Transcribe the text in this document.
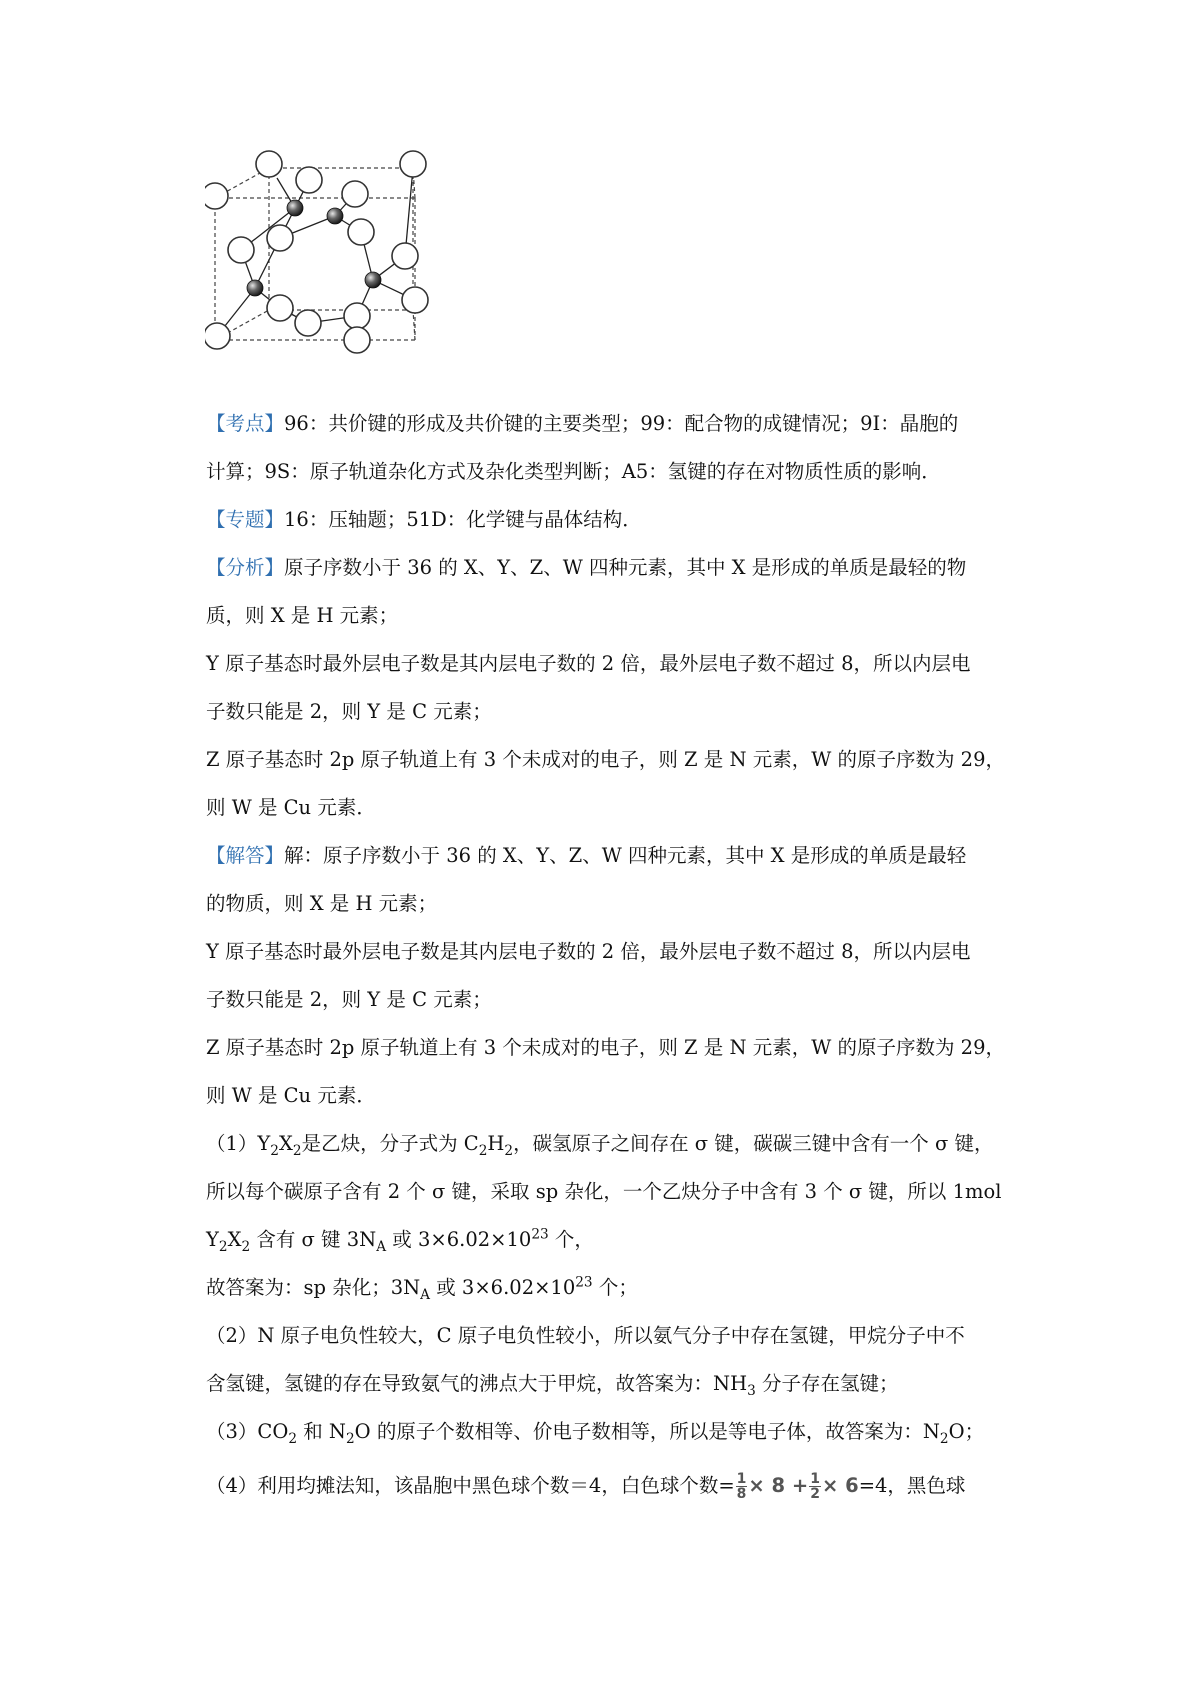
【考点】96：共价键的形成及共价键的主要类型；99：配合物的成键情况；9I：晶胞的

计算；9S：原子轨道杂化方式及杂化类型判断；A5：氢键的存在对物质性质的影响．

【专题】16：压轴题；51D：化学键与晶体结构．

【分析】原子序数小于 36 的 X、Y、Z、W 四种元素，其中 X 是形成的单质是最轻的物

质，则 X 是 H 元素；

Y 原子基态时最外层电子数是其内层电子数的 2 倍，最外层电子数不超过 8，所以内层电

子数只能是 2，则 Y 是 C 元素；

Z 原子基态时 2p 原子轨道上有 3 个未成对的电子，则 Z 是 N 元素，W 的原子序数为 29，

则 W 是 Cu 元素．

【解答】解：原子序数小于 36 的 X、Y、Z、W 四种元素，其中 X 是形成的单质是最轻

的物质，则 X 是 H 元素；

Y 原子基态时最外层电子数是其内层电子数的 2 倍，最外层电子数不超过 8，所以内层电

子数只能是 2，则 Y 是 C 元素；

Z 原子基态时 2p 原子轨道上有 3 个未成对的电子，则 Z 是 N 元素，W 的原子序数为 29，

则 W 是 Cu 元素．

$(1)Y_2X_2$是乙炔，分子式为 $C_2H_2$，碳氢原子之间存在 σ 键，碳碳三键中含有一个 σ 键，

所以每个碳原子含有 2 个 σ 键，采取 sp 杂化，一个乙炔分子中含有 3 个 σ 键，所以 1mol

$Y_2X_2$ 含有 σ 键 $3N_A$ 或 $3\times 6.02\times 10^{23}$ 个，

故答案为：sp 杂化；$3N_A$ 或 $3\times 6.02\times 10^{23}$ 个；

（2）N 原子电负性较大，C 原子电负性较小，所以氨气分子中存在氢键，甲烷分子中不

含氢键，氢键的存在导致氨气的沸点大于甲烷，故答案为：$NH_3$ 分子存在氢键；

$(3)CO_2$ 和 $N_2O$ 的原子个数相等、价电子数相等，所以是等电子体，故答案为：$N_2O$；

（4）利用均摊法知，该晶胞中黑色球个数＝4，白色球个数= $\frac{1}{8} \times 8 + \frac{1}{2} \times 6=4$，黑色球
